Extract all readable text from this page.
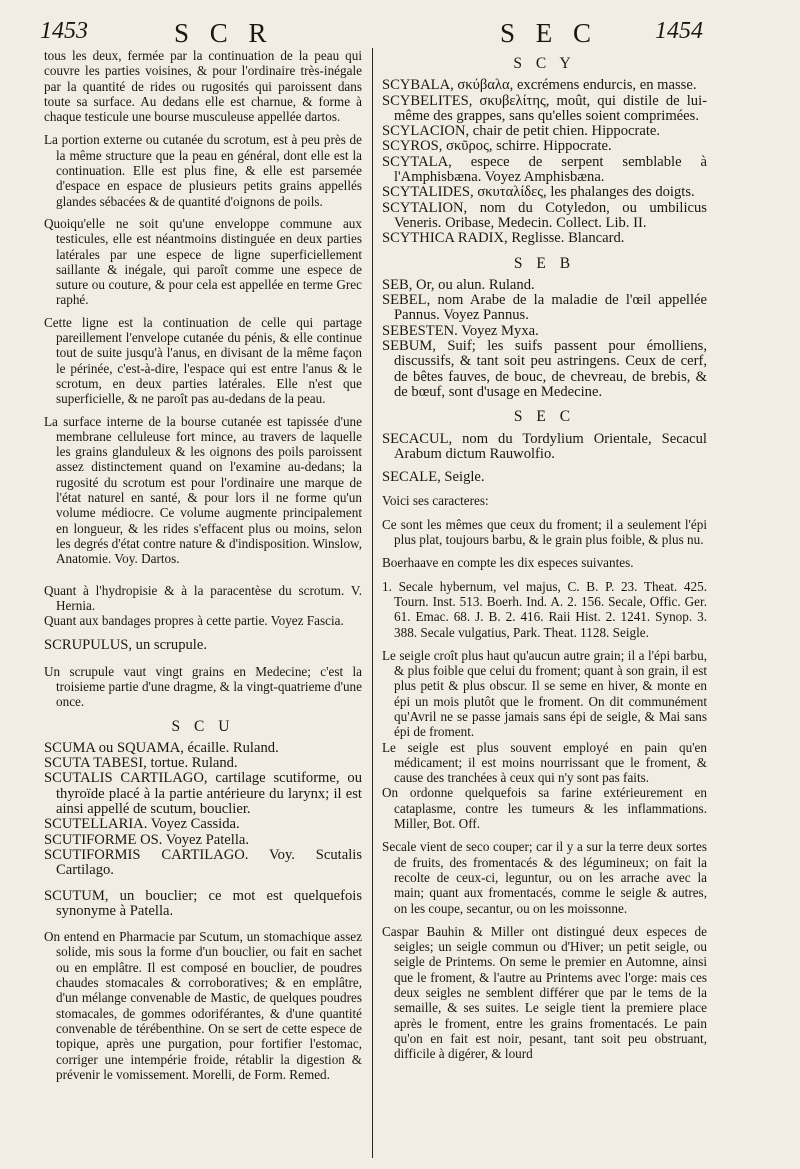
1453	S C R	S E C 1454

tous les deux, fermée par la continuation de la peau qui couvre les parties voisines, & pour l'ordinaire très-inégale par la quantité de rides ou rugosités qui paroissent dans toute sa surface. Au dedans elle est charnue, & forme à chaque testicule une bourse musculeuse appellée dartos.

La portion externe ou cutanée du scrotum, est à peu près de la même structure que la peau en général, dont elle est la continuation. Elle est plus fine, & elle est parsemée d'espace en espace de plusieurs petits grains appellés glandes sébacées & de quantité d'oignons de poils.

Quoiqu'elle ne soit qu'une enveloppe commune aux testicules, elle est néantmoins distinguée en deux parties latérales par une espece de ligne superficiellement saillante & inégale, qui paroît comme une espece de suture ou couture, & pour cela est appellée en terme Grec raphé.

Cette ligne est la continuation de celle qui partage pareillement l'envelope cutanée du pénis, & elle continue tout de suite jusqu'à l'anus, en divisant de la même façon le périnée, c'est-à-dire, l'espace qui est entre l'anus & le scrotum, en deux parties latérales. Elle n'est que superficielle, & ne paroît pas au-dedans de la peau.

La surface interne de la bourse cutanée est tapissée d'une membrane celluleuse fort mince, au travers de laquelle les grains glanduleux & les oignons des poils paroissent assez distinctement quand on l'examine au-dedans; la rugosité du scrotum est pour l'ordinaire une marque de l'état naturel en santé, & pour lors il ne forme qu'un volume médiocre. Ce volume augmente principalement en longueur, & les rides s'effacent plus ou moins, selon les degrés d'état contre nature & d'indisposition. Winslow, Anatomie. Voy. Dartos.

Quant à l'hydropisie & à la paracentèse du scrotum. V. Hernia.

Quant aux bandages propres à cette partie. Voyez Fascia.

SCRUPULUS, un scrupule.

Un scrupule vaut vingt grains en Medecine; c'est la troisieme partie d'une dragme, & la vingt-quatrieme d'une once.

S C U

SCUMA ou SQUAMA, écaille. Ruland.

SCUTA TABESI, tortue. Ruland.

SCUTALIS CARTILAGO, cartilage scutiforme, ou thyroïde placé à la partie antérieure du larynx; il est ainsi appellé de scutum, bouclier.

SCUTELLARIA. Voyez Cassida.

SCUTIFORME OS. Voyez Patella.

SCUTIFORMIS CARTILAGO. Voy. Scutalis Cartilago.

SCUTUM, un bouclier; ce mot est quelquefois synonyme à Patella.

On entend en Pharmacie par Scutum, un stomachique assez solide, mis sous la forme d'un bouclier, ou fait en sachet ou en emplâtre. Il est composé en bouclier, de poudres chaudes stomacales & corroboratives; & en emplâtre, d'un mélange convenable de Mastic, de quelques poudres stomacales, de gommes odoriférantes, & d'une quantité convenable de térébenthine. On se sert de cette espece de topique, après une purgation, pour fortifier l'estomac, corriger une intempérie froide, rétablir la digestion & prévenir le vomissement. Morelli, de Form. Remed.

S C Y

SCYBALA, σκύβαλα, excrémens endurcis, en masse.

SCYBELITES, σκυβελίτης, moût, qui distile de lui-même des grappes, sans qu'elles soient comprimées.

SCYLACION, chair de petit chien. Hippocrate.

SCYROS, σκῦρος, schirre. Hippocrate.

SCYTALA, espece de serpent semblable à l'Amphisbæna. Voyez Amphisbæna.

SCYTALIDES, σκυταλίδες, les phalanges des doigts.

SCYTALION, nom du Cotyledon, ou umbilicus Veneris. Oribase, Medecin. Collect. Lib. II.

SCYTHICA RADIX, Reglisse. Blancard.

S E B

SEB, Or, ou alun. Ruland.

SEBEL, nom Arabe de la maladie de l'œil appellée Pannus. Voyez Pannus.

SEBESTEN. Voyez Myxa.

SEBUM, Suif; les suifs passent pour émolliens, discussifs, & tant soit peu astringens. Ceux de cerf, de bêtes fauves, de bouc, de chevreau, de brebis, & de bœuf, sont d'usage en Medecine.

S E C

SECACUL, nom du Tordylium Orientale, Secacul Arabum dictum Rauwolfio.

SECALE, Seigle.

Voici ses caracteres:

Ce sont les mêmes que ceux du froment; il a seulement l'épi plus plat, toujours barbu, & le grain plus foible, & plus nu.

Boerhaave en compte les dix especes suivantes.

1. Secale hybernum, vel majus, C. B. P. 23. Theat. 425. Tourn. Inst. 513. Boerh. Ind. A. 2. 156. Secale, Offic. Ger. 61. Emac. 68. J. B. 2. 416. Raii Hist. 2. 1241. Synop. 3. 388. Secale vulgatius, Park. Theat. 1128. Seigle.

Le seigle croît plus haut qu'aucun autre grain; il a l'épi barbu, & plus foible que celui du froment; quant à son grain, il est plus petit & plus obscur. Il se seme en hiver, & monte en épi un mois plutôt que le froment. On dit communément qu'Avril ne se passe jamais sans épi de seigle, & Mai sans épi de froment.

Le seigle est plus souvent employé en pain qu'en médicament; il est moins nourrissant que le froment, & cause des tranchées à ceux qui n'y sont pas faits.

On ordonne quelquefois sa farine extérieurement en cataplasme, contre les tumeurs & les inflammations. Miller, Bot. Off.

Secale vient de seco couper; car il y a sur la terre deux sortes de fruits, des fromentacés & des légumineux; on fait la recolte de ceux-ci, leguntur, ou on les arrache avec la main; quant aux fromentacés, comme le seigle & autres, on les coupe, secantur, ou on les moissonne.

Caspar Bauhin & Miller ont distingué deux especes de seigles; un seigle commun ou d'Hiver; un petit seigle, ou seigle de Printems. On seme le premier en Automne, ainsi que le froment, & l'autre au Printems avec l'orge: mais ces deux seigles ne semblent différer que par le tems de la semaille, & ses suites. Le seigle tient la premiere place après le froment, entre les grains fromentacés. Le pain qu'on en fait est noir, pesant, tant soit peu obstruant, difficile à digérer, & lourd
